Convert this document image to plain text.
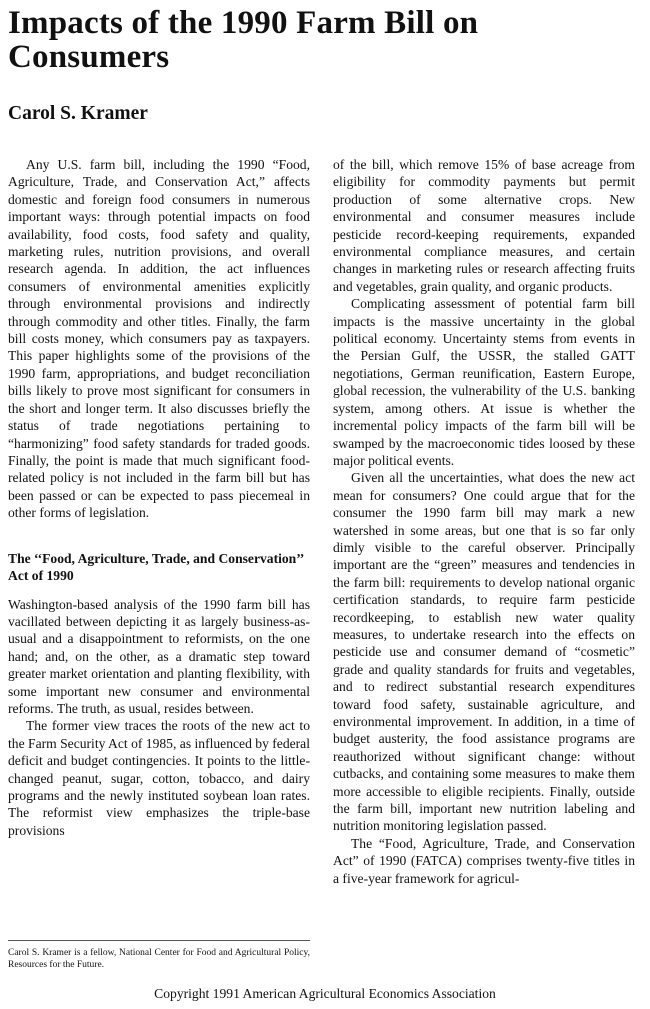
Impacts of the 1990 Farm Bill on Consumers
Carol S. Kramer

Any U.S. farm bill, including the 1990 “Food, Agriculture, Trade, and Conservation Act,” affects domestic and foreign food consumers in numerous important ways: through potential impacts on food availability, food costs, food safety and quality, marketing rules, nutrition provisions, and overall research agenda. In addition, the act influences consumers of environmental amenities explicitly through environmental provisions and indirectly through commodity and other titles. Finally, the farm bill costs money, which consumers pay as taxpayers. This paper highlights some of the provisions of the 1990 farm, appropriations, and budget reconciliation bills likely to prove most significant for consumers in the short and longer term. It also discusses briefly the status of trade negotiations pertaining to “harmonizing” food safety standards for traded goods. Finally, the point is made that much significant food-related policy is not included in the farm bill but has been passed or can be expected to pass piecemeal in other forms of legislation.

The ‘‘Food, Agriculture, Trade, and Conservation’’ Act of 1990

Washington-based analysis of the 1990 farm bill has vacillated between depicting it as largely business-as-usual and a disappointment to reformists, on the one hand; and, on the other, as a dramatic step toward greater market orientation and planting flexibility, with some important new consumer and environmental reforms. The truth, as usual, resides between.

The former view traces the roots of the new act to the Farm Security Act of 1985, as influenced by federal deficit and budget contingencies. It points to the little-changed peanut, sugar, cotton, tobacco, and dairy programs and the newly instituted soybean loan rates. The reformist view emphasizes the triple-base provisions

of the bill, which remove 15% of base acreage from eligibility for commodity payments but permit production of some alternative crops. New environmental and consumer measures include pesticide record-keeping requirements, expanded environmental compliance measures, and certain changes in marketing rules or research affecting fruits and vegetables, grain quality, and organic products.

Complicating assessment of potential farm bill impacts is the massive uncertainty in the global political economy. Uncertainty stems from events in the Persian Gulf, the USSR, the stalled GATT negotiations, German reunification, Eastern Europe, global recession, the vulnerability of the U.S. banking system, among others. At issue is whether the incremental policy impacts of the farm bill will be swamped by the macroeconomic tides loosed by these major political events.

Given all the uncertainties, what does the new act mean for consumers? One could argue that for the consumer the 1990 farm bill may mark a new watershed in some areas, but one that is so far only dimly visible to the careful observer. Principally important are the “green” measures and tendencies in the farm bill: requirements to develop national organic certification standards, to require farm pesticide recordkeeping, to establish new water quality measures, to undertake research into the effects on pesticide use and consumer demand of “cosmetic” grade and quality standards for fruits and vegetables, and to redirect substantial research expenditures toward food safety, sustainable agriculture, and environmental improvement. In addition, in a time of budget austerity, the food assistance programs are reauthorized without significant change: without cutbacks, and containing some measures to make them more accessible to eligible recipients. Finally, outside the farm bill, important new nutrition labeling and nutrition monitoring legislation passed.

The “Food, Agriculture, Trade, and Conservation Act” of 1990 (FATCA) comprises twenty-five titles in a five-year framework for agricul-

Carol S. Kramer is a fellow, National Center for Food and Agricultural Policy, Resources for the Future.
Copyright 1991 American Agricultural Economics Association
